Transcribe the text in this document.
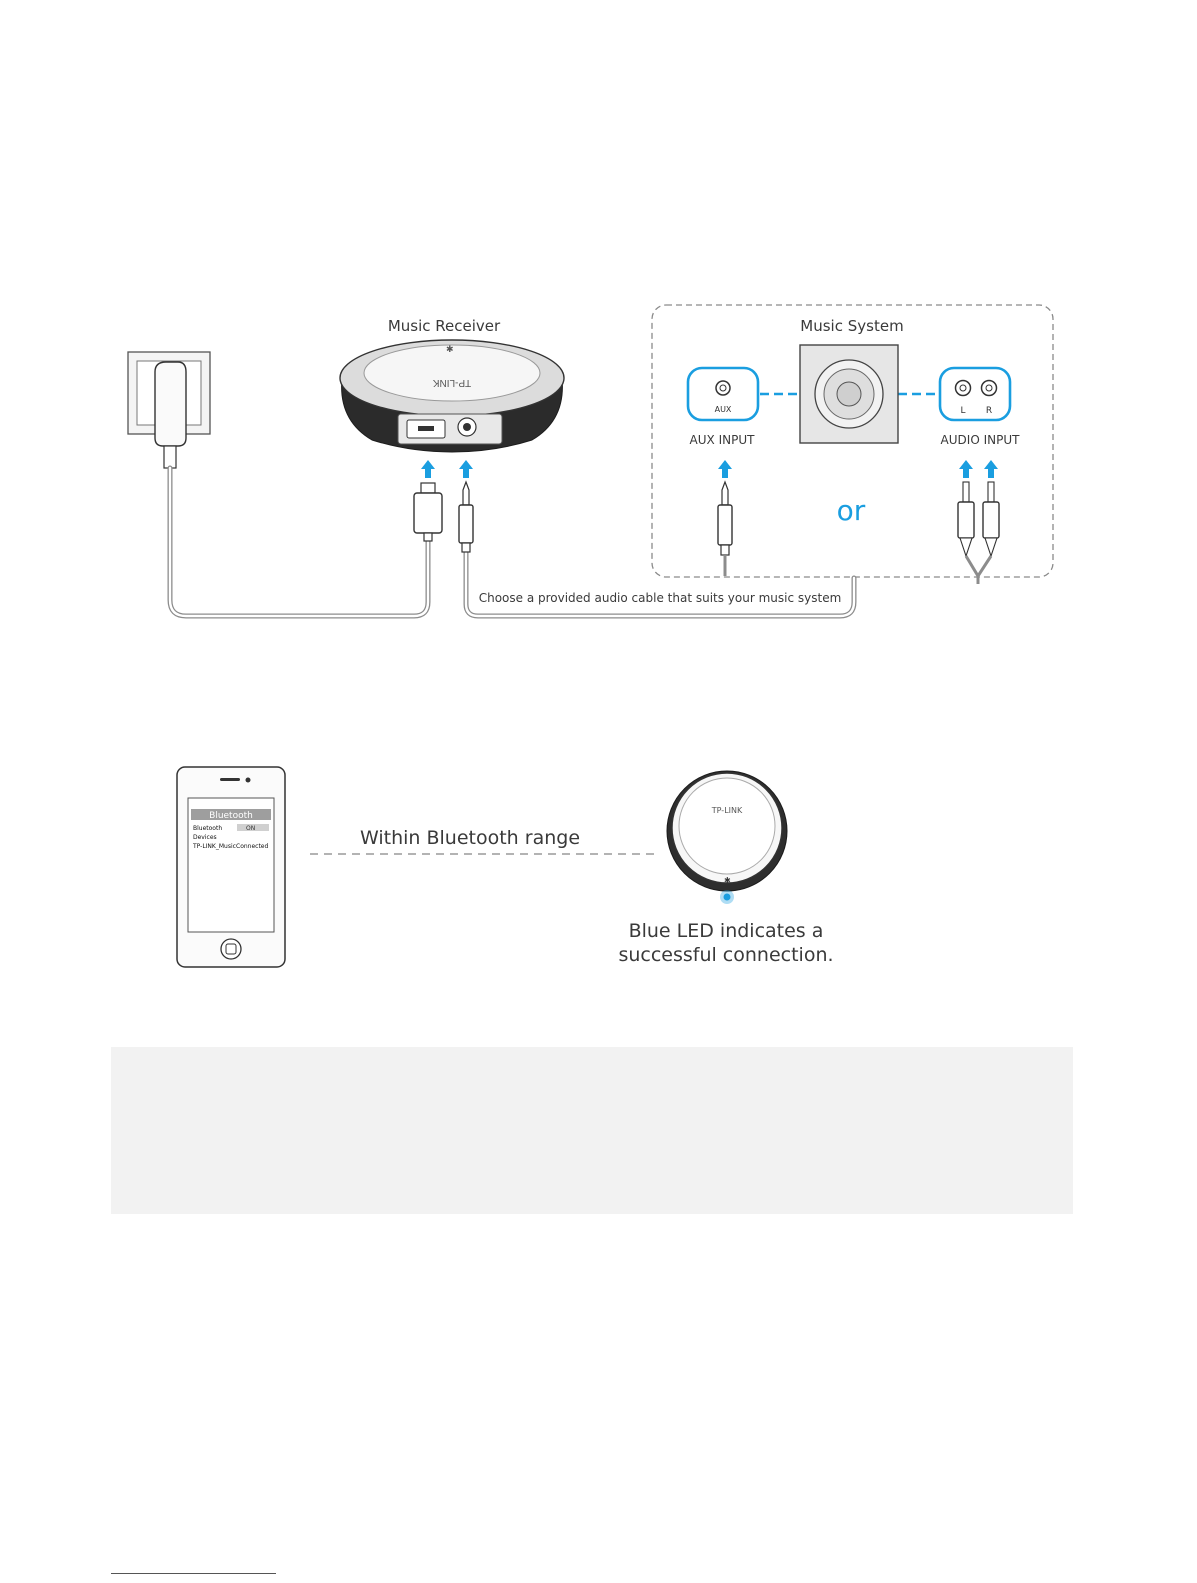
TP-LINK
✱
Music Receiver	Music System
AUX	L R
AUX INPUT	AUDIO INPUT
or
Choose a provided audio cable that suits your music system
Bluetooth
Bluetooth	ON
Devices
TP-LINK_Music Connected	Within Bluetooth range
TP-LINK
✱
Blue LED indicates a
successful connection.
